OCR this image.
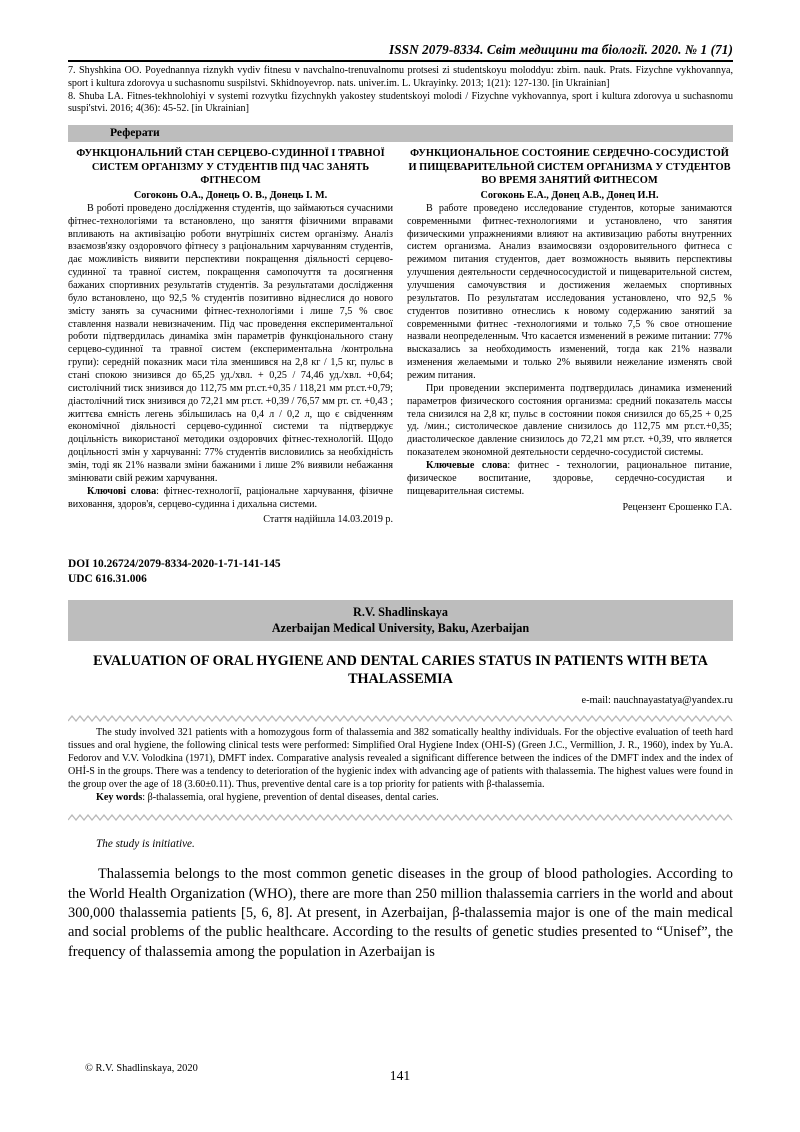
ISSN 2079-8334. Світ медицини та біології. 2020. № 1 (71)

7. Shyshkina OO. Poyednannya riznykh vydiv fitnesu v navchalno-trenuvalnomu protsesi zi studentskoyu moloddyu: zbirn. nauk. Prats. Fizychne vykhovannya, sport i kultura zdorovya u suchasnomu suspilstvi. Skhidnoyevrop. nats. univer.im. L. Ukrayinky. 2013; 1(21): 127-130. [in Ukrainian]

8. Shuba LA. Fitnes-tekhnolohiyi v systemi rozvytku fizychnykh yakostey studentskoyi molodi / Fizychne vykhovannya, sport i kultura zdorovya u suchasnomu suspi'stvi. 2016; 4(36): 45-52. [in Ukrainian]

Реферати
ФУНКЦІОНАЛЬНИЙ СТАН СЕРЦЕВО-СУДИННОЇ І ТРАВНОЇ СИСТЕМ ОРГАНІЗМУ У СТУДЕНТІВ ПІД ЧАС ЗАНЯТЬ ФІТНЕСОМ
Согоконь О.А., Донець О. В., Донець І. М.

В роботі проведено дослідження студентів, що займаються сучасними фітнес-технологіями та встановлено, що заняття фізичними вправами впливають на активізацію роботи внутрішніх систем організму. Аналіз взаємозв'язку оздоровчого фітнесу з раціональним харчуванням студентів, дає можливість виявити перспективи покращення діяльності серцево-судинної та травної систем, покращення самопочуття та досягнення бажаних спортивних результатів студентів. За результатами дослідження було встановлено, що 92,5 % студентів позитивно віднеслися до нового змісту занять за сучасними фітнес-технологіями і лише 7,5 % своє ставлення назвали невизначеним. Під час проведення експериментальної роботи підтвердилась динаміка змін параметрів функціонального стану серцево-судинної та травної систем (експериментальна /контрольна групи): середній показник маси тіла зменшився на 2,8 кг / 1,5 кг, пульс в стані спокою знизився до 65,25 уд./хвл. + 0,25 / 74,46 уд./хвл. +0,64; систолічний тиск знизився до 112,75 мм рт.ст.+0,35 / 118,21 мм рт.ст.+0,79; діастолічний тиск знизився до 72,21 мм рт.ст. +0,39 / 76,57 мм рт. ст. +0,43 ; життєва ємність легень збільшилась на 0,4 л / 0,2 л, що є свідченням економічної діяльності серцево-судинної системи та підтверджує доцільність використаної методики оздоровчих фітнес-технологій. Щодо доцільності змін у харчуванні: 77% студентів висловились за необхідність змін, тоді як 21% назвали зміни бажаними і лише 2% виявили небажання змінювати свій режим харчування.

Ключові слова: фітнес-технології, раціональне харчування, фізичне виховання, здоров'я, серцево-судинна і дихальна системи.
Стаття надійшла 14.03.2019 р.
ФУНКЦИОНАЛЬНОЕ СОСТОЯНИЕ СЕРДЕЧНО-СОСУДИСТОЙ И ПИЩЕВАРИТЕЛЬНОЙ СИСТЕМ ОРГАНИЗМА У СТУДЕНТОВ ВО ВРЕМЯ ЗАНЯТИЙ ФИТНЕСОМ
Согоконь Е.А., Донец А.В., Донец И.Н.

В работе проведено исследование студентов, которые занимаются современными фитнес-технологиями и установлено, что занятия физическими упражнениями влияют на активизацию работы внутренних систем организма. Анализ взаимосвязи оздоровительного фитнеса с режимом питания студентов, дает возможность выявить перспективы улучшения деятельности сердечнососудистой и пищеварительной систем, улучшения самочувствия и достижения желаемых спортивных результатов. По результатам исследования установлено, что 92,5 % студентов позитивно отнеслись к новому содержанию занятий за современными фитнес -технологиями и только 7,5 % свое отношение назвали неопределенным. Что касается изменений в режиме питании: 77% высказались за необходимость изменений, тогда как 21% назвали изменения желаемыми и только 2% выявили нежелание изменять свой режим питания.

При проведении эксперимента подтвердилась динамика изменений параметров физического состояния организма: средний показатель массы тела снизился на 2,8 кг, пульс в состоянии покоя снизился до 65,25 + 0,25 уд. /мин.; систолическое давление снизилось до 112,75 мм рт.ст.+0,35; диастолическое давление снизилось до 72,21 мм рт.ст. +0,39, что является показателем экономной деятельности сердечно-сосудистой системы.

Ключевые слова: фитнес - технологии, рациональное питание, физическое воспитание, здоровье, сердечно-сосудистая и пищеварительная системы.
Рецензент Єрошенко Г.А.
DOI 10.26724/2079-8334-2020-1-71-141-145
UDC 616.31.006
R.V. Shadlinskaya
Azerbaijan Medical University, Baku, Azerbaijan
EVALUATION OF ORAL HYGIENE AND DENTAL CARIES STATUS IN PATIENTS WITH BETA THALASSEMIA
e-mail: nauchnayastatya@yandex.ru

The study involved 321 patients with a homozygous form of thalassemia and 382 somatically healthy individuals. For the objective evaluation of teeth hard tissues and oral hygiene, the following clinical tests were performed: Simplified Oral Hygiene Index (OHI-S) (Green J.C., Vermillion, J. R., 1960), index by Yu.A. Fedorov and V.V. Volodkina (1971), DMFT index. Comparative analysis revealed a significant difference between the indices of the DMFT index and the index of OHİ-S in the groups. There was a tendency to deterioration of the hygienic index with advancing age of patients with thalassemia. The highest values were found in the group over the age of 18 (3.60±0.11). Thus, preventive dental care is a top priority for patients with β-thalassemia.

Key words: β-thalassemia, oral hygiene, prevention of dental diseases, dental caries.

The study is initiative.

Thalassemia belongs to the most common genetic diseases in the group of blood pathologies. According to the World Health Organization (WHO), there are more than 250 million thalassemia carriers in the world and about 300,000 thalassemia patients [5, 6, 8]. At present, in Azerbaijan, β-thalassemia major is one of the main medical and social problems of the public healthcare. According to the results of genetic studies presented to “Unisef”, the frequency of thalassemia among the population in Azerbaijan is

© R.V. Shadlinskaya, 2020	141
